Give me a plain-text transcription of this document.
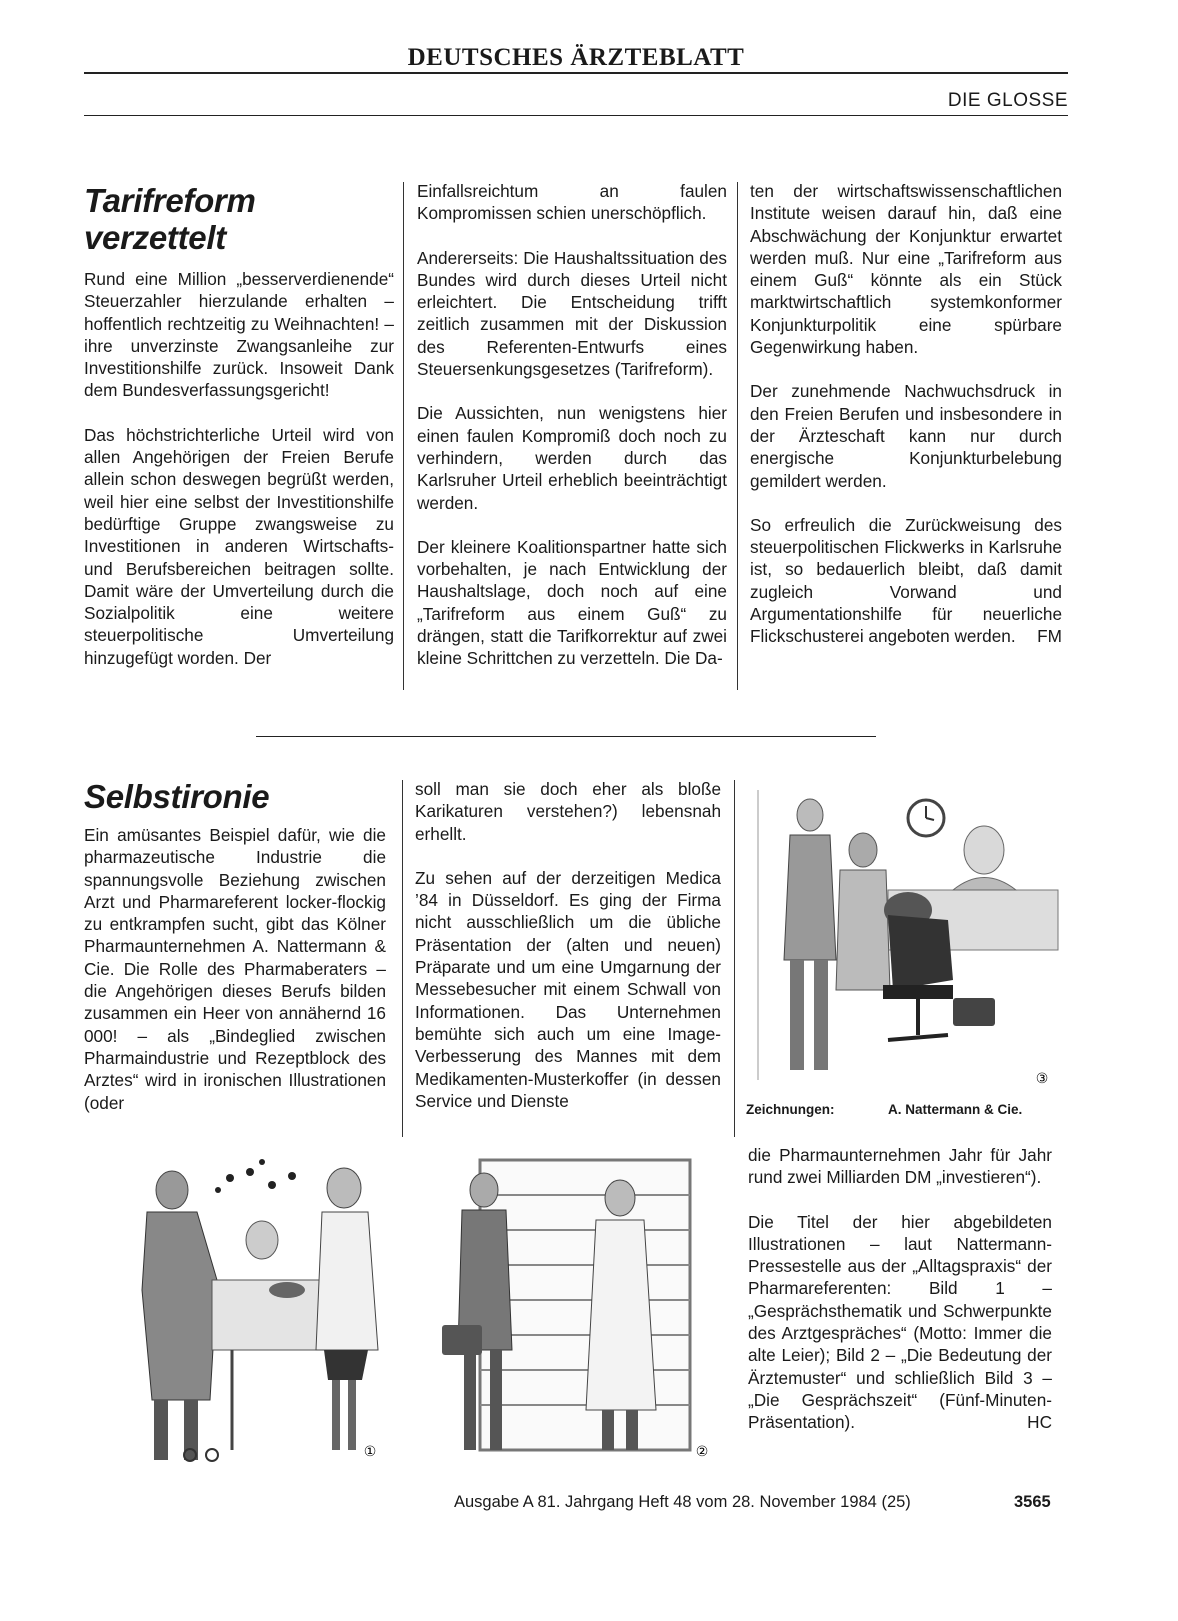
DEUTSCHES ÄRZTEBLATT
DIE GLOSSE
Tarifreform
verzettelt

Rund eine Million „besserverdienende“ Steuerzahler hierzulande erhalten – hoffentlich rechtzeitig zu Weihnachten! – ihre unverzinste Zwangsanleihe zur Investitionshilfe zurück. Insoweit Dank dem Bundesverfassungsgericht!

Das höchstrichterliche Urteil wird von allen Angehörigen der Freien Berufe allein schon deswegen begrüßt werden, weil hier eine selbst der Investitionshilfe bedürftige Gruppe zwangsweise zu Investitionen in anderen Wirtschafts- und Berufsbereichen beitragen sollte. Damit wäre der Umverteilung durch die Sozialpolitik eine weitere steuerpolitische Umverteilung hinzugefügt worden. Der

Einfallsreichtum an faulen Kompromissen schien unerschöpflich.

Andererseits: Die Haushaltssituation des Bundes wird durch dieses Urteil nicht erleichtert. Die Entscheidung trifft zeitlich zusammen mit der Diskussion des Referenten-Entwurfs eines Steuersenkungsgesetzes (Tarifreform).

Die Aussichten, nun wenigstens hier einen faulen Kompromiß doch noch zu verhindern, werden durch das Karlsruher Urteil erheblich beeinträchtigt werden.

Der kleinere Koalitionspartner hatte sich vorbehalten, je nach Entwicklung der Haushaltslage, doch noch auf eine „Tarifreform aus einem Guß“ zu drängen, statt die Tarifkorrektur auf zwei kleine Schrittchen zu verzetteln. Die Da-

ten der wirtschaftswissenschaftlichen Institute weisen darauf hin, daß eine Abschwächung der Konjunktur erwartet werden muß. Nur eine „Tarifreform aus einem Guß“ könnte als ein Stück marktwirtschaftlich systemkonformer Konjunkturpolitik eine spürbare Gegenwirkung haben.

Der zunehmende Nachwuchsdruck in den Freien Berufen und insbesondere in der Ärzteschaft kann nur durch energische Konjunkturbelebung gemildert werden.

So erfreulich die Zurückweisung des steuerpolitischen Flickwerks in Karlsruhe ist, so bedauerlich bleibt, daß damit zugleich Vorwand und Argumentationshilfe für neuerliche Flickschusterei angeboten werden. FM

Selbstironie

Ein amüsantes Beispiel dafür, wie die pharmazeutische Industrie die spannungsvolle Beziehung zwischen Arzt und Pharmareferent locker-flockig zu entkrampfen sucht, gibt das Kölner Pharmaunternehmen A. Nattermann & Cie. Die Rolle des Pharmaberaters – die Angehörigen dieses Berufs bilden zusammen ein Heer von annähernd 16 000! – als „Bindeglied zwischen Pharmaindustrie und Rezeptblock des Arztes“ wird in ironischen Illustrationen (oder

soll man sie doch eher als bloße Karikaturen verstehen?) lebensnah erhellt.

Zu sehen auf der derzeitigen Medica ’84 in Düsseldorf. Es ging der Firma nicht ausschließlich um die übliche Präsentation der (alten und neuen) Präparate und um eine Umgarnung der Messebesucher mit einem Schwall von Informationen. Das Unternehmen bemühte sich auch um eine Image-Verbesserung des Mannes mit dem Medikamenten-Musterkoffer (in dessen Service und Dienste

③
Zeichnungen:	A. Nattermann & Cie.

die Pharmaunternehmen Jahr für Jahr rund zwei Milliarden DM „investieren“).

Die Titel der hier abgebildeten Illustrationen – laut Nattermann-Pressestelle aus der „Alltagspraxis“ der Pharmareferenten: Bild 1 – „Gesprächsthematik und Schwerpunkte des Arztgespräches“ (Motto: Immer die alte Leier); Bild 2 – „Die Bedeutung der Ärztemuster“ und schließlich Bild 3 – „Die Gesprächszeit“ (Fünf-Minuten-Präsentation).	HC

①	②
Ausgabe A 81. Jahrgang Heft 48 vom 28. November 1984 (25)	3565
